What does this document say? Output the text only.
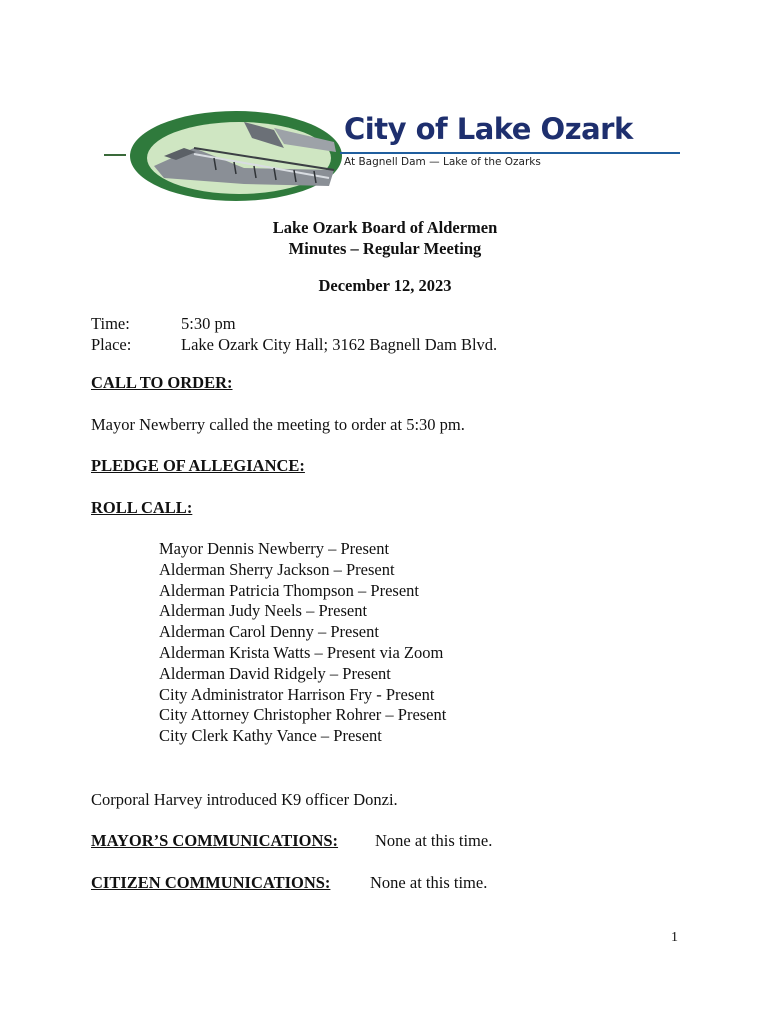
City of Lake Ozark
At Bagnell Dam — Lake of the Ozarks
Lake Ozark Board of Aldermen
Minutes – Regular Meeting
December 12, 2023
Time:	5:30 pm
Place:	Lake Ozark City Hall; 3162 Bagnell Dam Blvd.
CALL TO ORDER:
Mayor Newberry called the meeting to order at 5:30 pm.
PLEDGE OF ALLEGIANCE:
ROLL CALL:
Mayor Dennis Newberry – Present
Alderman Sherry Jackson – Present
Alderman Patricia Thompson – Present
Alderman Judy Neels – Present
Alderman Carol Denny – Present
Alderman Krista Watts – Present via Zoom
Alderman David Ridgely – Present
City Administrator Harrison Fry - Present
City Attorney Christopher Rohrer – Present
City Clerk Kathy Vance – Present
Corporal Harvey introduced K9 officer Donzi.
MAYOR’S COMMUNICATIONS: None at this time.
CITIZEN COMMUNICATIONS: None at this time.
1
